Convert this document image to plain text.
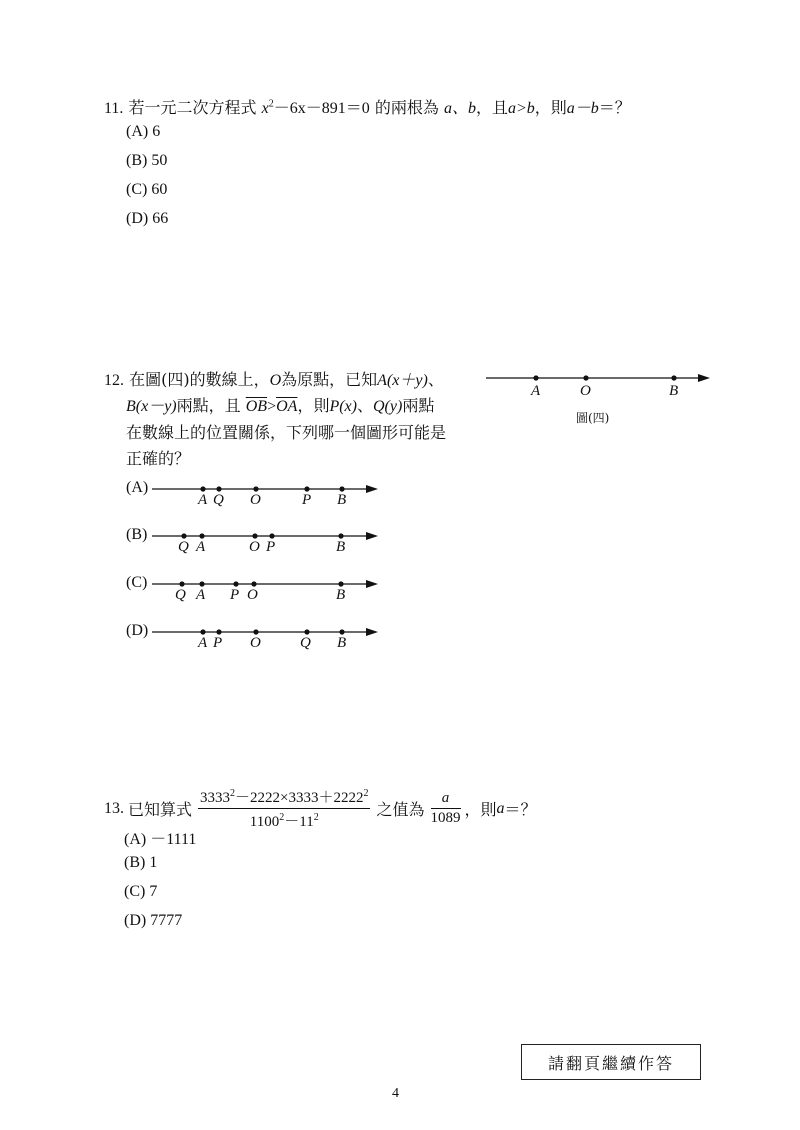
11. 若一元二次方程式 $x^2-6x-891=0$ 的兩根為 a、b，且a>b，則a－b＝？
(A) 6
(B) 50
(C) 60
(D) 66
12. 在圖(四)的數線上，O為原點，已知A(x＋y)、
B(x－y)兩點，且 $\overline{OB}>\overline{OA}$，則P(x)、Q(y)兩點
在數線上的位置關係，下列哪一個圖形可能是
正確的？
A	O	B
圖(四)
(A)
A Q O	P B
(B)
Q A	O P	B
(C)
Q A P O	B
(D)
A P O	Q B
13. 已知算式 $\frac{3333^2-2222\times 3333+2222^2}{1100^2-11^2}$ 之值為 $\frac{a}{1089}$ ，則 a ＝？
(A) －1111
(B) 1
(C) 7
(D) 7777
請翻頁繼續作答
4
